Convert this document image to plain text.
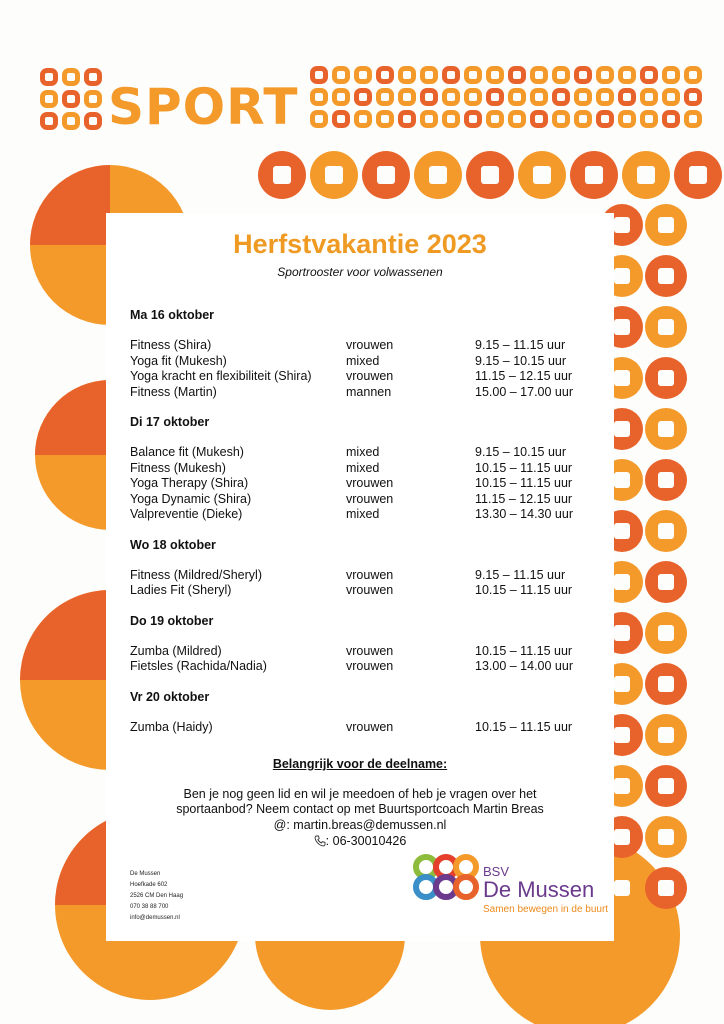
SPORT
Herfstvakantie 2023
Sportrooster voor volwassenen
Belangrijk voor de deelname:
Ben je nog geen lid en wil je meedoen of heb je vragen over het
sportaanbod? Neem contact op met Buurtsportcoach Martin Breas
@: martin.breas@demussen.nl
: 06-30010426
De Mussen
Hoefkade 602
2526 CM Den Haag
070 38 88 700
info@demussen.nl
BSV
De Mussen
Samen bewegen in de buurt
Ma 16 oktober
Fitness (Shira)	vrouwen	9.15 – 11.15 uur
Yoga fit (Mukesh)	mixed	9.15 – 10.15 uur
Yoga kracht en flexibiliteit (Shira)	vrouwen	11.15 – 12.15 uur
Fitness (Martin)	mannen	15.00 – 17.00 uur
Di 17 oktober
Balance fit (Mukesh)	mixed	9.15 – 10.15 uur
Fitness (Mukesh)	mixed	10.15 – 11.15 uur
Yoga Therapy (Shira)	vrouwen	10.15 – 11.15 uur
Yoga Dynamic (Shira)	vrouwen	11.15 – 12.15 uur
Valpreventie (Dieke)	mixed	13.30 – 14.30 uur
Wo 18 oktober
Fitness (Mildred/Sheryl)	vrouwen	9.15 – 11.15 uur
Ladies Fit (Sheryl)	vrouwen	10.15 – 11.15 uur
Do 19 oktober
Zumba (Mildred)	vrouwen	10.15 – 11.15 uur
Fietsles (Rachida/Nadia)	vrouwen	13.00 – 14.00 uur
Vr 20 oktober
Zumba (Haidy)	vrouwen	10.15 – 11.15 uur
